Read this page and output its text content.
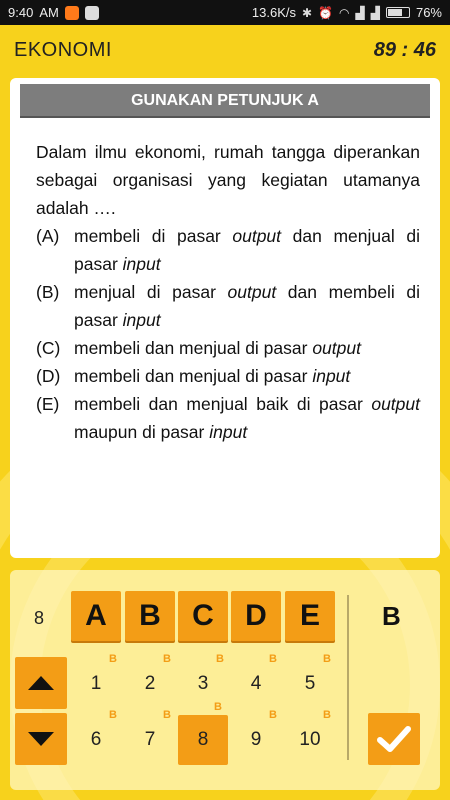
9:40 AM	13.6K/s ✱ ⏰ ◠ ▟ ▟	76%
EKONOMI	89 : 46
GUNAKAN PETUNJUK A
Dalam ilmu ekonomi, rumah tangga diperankan sebagai organisasi yang kegiatan utamanya adalah ….
(A) membeli di pasar output dan menjual di pasar input
(B) menjual di pasar output dan membeli di pasar input
(C) membeli dan menjual di pasar output
(D) membeli dan menjual di pasar input
(E) membeli dan menjual baik di pasar output maupun di pasar input
8	A	B	C	D	E	B
1
B
2
B
3
B
4
B
5
B
6
B
7
B
8
B
9
B
10
B
